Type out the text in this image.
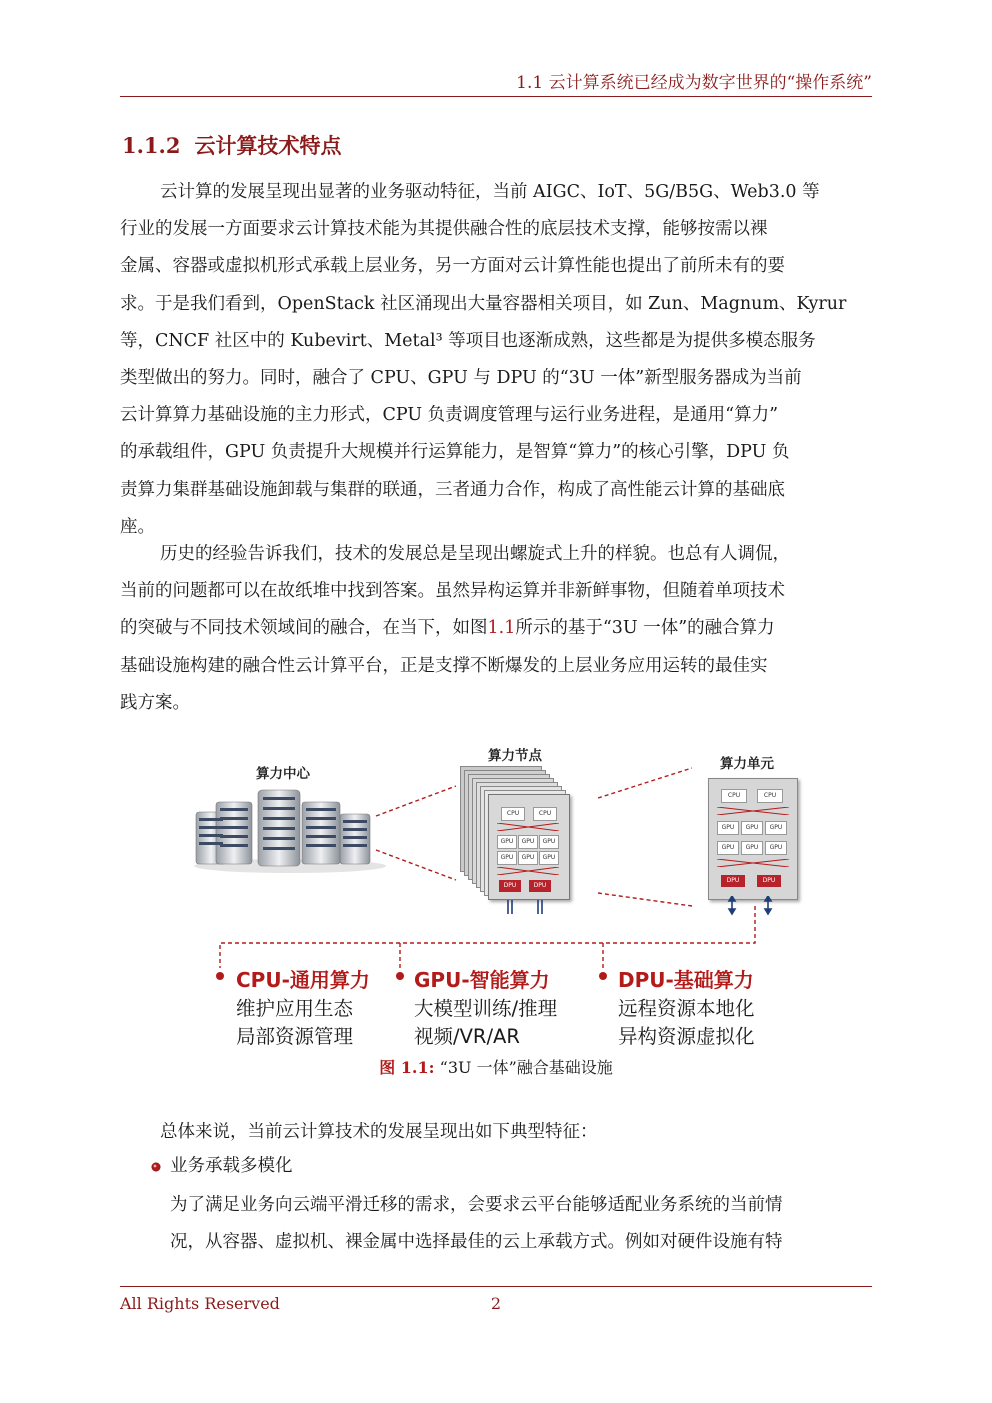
1.1 云计算系统已经成为数字世界的“操作系统”
1.1.2 云计算技术特点
云计算的发展呈现出显著的业务驱动特征，当前 AIGC、IoT、5G/B5G、Web3.0 等
行业的发展一方面要求云计算技术能为其提供融合性的底层技术支撑，能够按需以裸
金属、容器或虚拟机形式承载上层业务，另一方面对云计算性能也提出了前所未有的要
求。于是我们看到，OpenStack 社区涌现出大量容器相关项目，如 Zun、Magnum、Kyrur
等，CNCF 社区中的 Kubevirt、Metal³ 等项目也逐渐成熟，这些都是为提供多模态服务
类型做出的努力。同时，融合了 CPU、GPU 与 DPU 的“3U 一体”新型服务器成为当前
云计算算力基础设施的主力形式，CPU 负责调度管理与运行业务进程，是通用“算力”
的承载组件，GPU 负责提升大规模并行运算能力，是智算“算力”的核心引擎，DPU 负
责算力集群基础设施卸载与集群的联通，三者通力合作，构成了高性能云计算的基础底
座。
历史的经验告诉我们，技术的发展总是呈现出螺旋式上升的样貌。也总有人调侃，
当前的问题都可以在故纸堆中找到答案。虽然异构运算并非新鲜事物，但随着单项技术
的突破与不同技术领域间的融合，在当下，如图1.1所示的基于“3U 一体”的融合算力
基础设施构建的融合性云计算平台，正是支撑不断爆发的上层业务应用运转的最佳实
践方案。
算力中心
算力节点	算力单元
CPU	CPU
GPU	GPU	GPU
GPU	GPU	GPU
DPU	DPU
CPU	CPU
GPU	GPU	GPU
GPU	GPU	GPU
DPU	DPU
CPU-通用算力
维护应用生态
局部资源管理
GPU-智能算力
大模型训练/推理
视频/VR/AR
DPU-基础算力
远程资源本地化
异构资源虚拟化
图 1.1: “3U 一体”融合基础设施
总体来说，当前云计算技术的发展呈现出如下典型特征：
业务承载多模化
为了满足业务向云端平滑迁移的需求，会要求云平台能够适配业务系统的当前情
况，从容器、虚拟机、裸金属中选择最佳的云上承载方式。例如对硬件设施有特
All Rights Reserved	2
